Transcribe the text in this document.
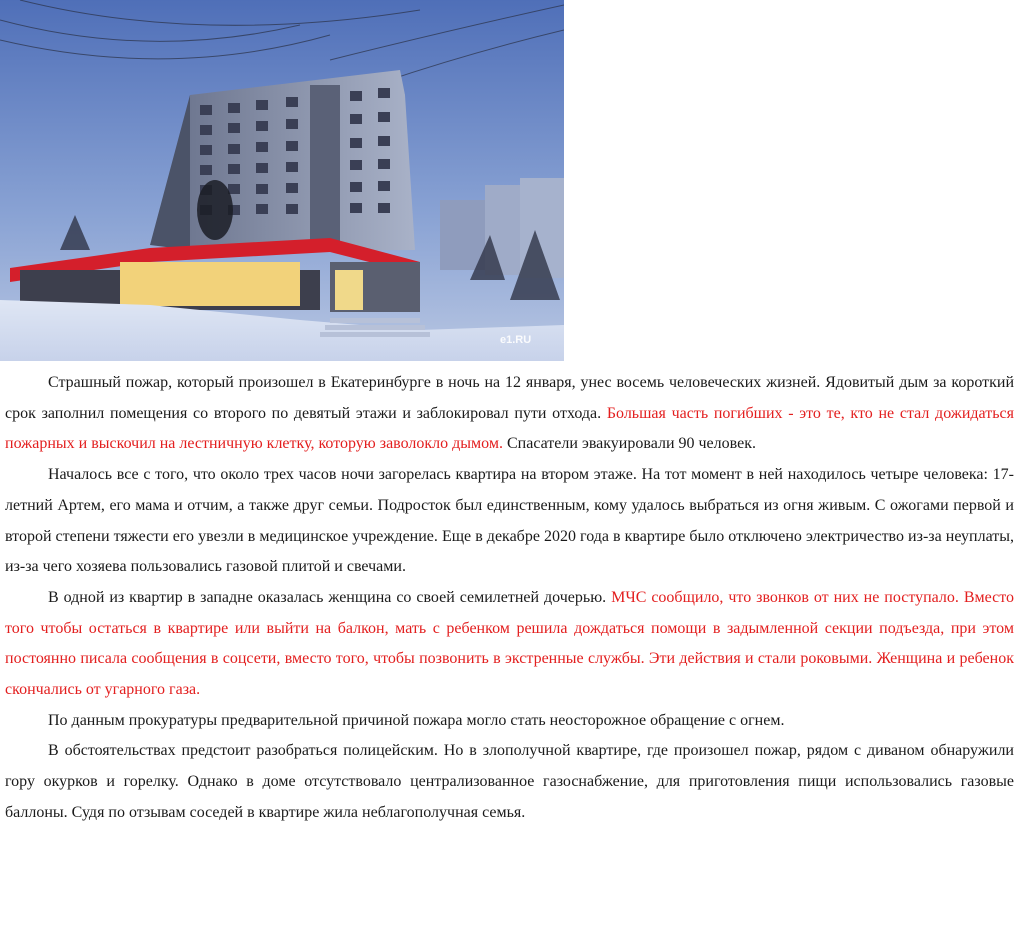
e1.RU

Страшный пожар, который произошел в Екатеринбурге в ночь на 12 января, унес восемь человеческих жизней. Ядовитый дым за короткий срок заполнил помещения со второго по девятый этажи и заблокировал пути отхода. Большая часть погибших - это те, кто не стал дожидаться пожарных и выскочил на лестничную клетку, которую заволокло дымом. Спасатели эвакуировали 90 человек.

Началось все с того, что около трех часов ночи загорелась квартира на втором этаже. На тот момент в ней находилось четыре человека: 17-летний Артем, его мама и отчим, а также друг семьи. Подросток был единственным, кому удалось выбраться из огня живым. С ожогами первой и второй степени тяжести его увезли в медицинское учреждение. Еще в декабре 2020 года в квартире было отключено электричество из-за неуплаты, из-за чего хозяева пользовались газовой плитой и свечами.

В одной из квартир в западне оказалась женщина со своей семилетней дочерью. МЧС сообщило, что звонков от них не поступало. Вместо того чтобы остаться в квартире или выйти на балкон, мать с ребенком решила дождаться помощи в задымленной секции подъезда, при этом постоянно писала сообщения в соцсети, вместо того, чтобы позвонить в экстренные службы. Эти действия и стали роковыми. Женщина и ребенок скончались от угарного газа.

По данным прокуратуры предварительной причиной пожара могло стать неосторожное обращение с огнем.

В обстоятельствах предстоит разобраться полицейским. Но в злополучной квартире, где произошел пожар, рядом с диваном обнаружили гору окурков и горелку. Однако в доме отсутствовало централизованное газоснабжение, для приготовления пищи использовались газовые баллоны. Судя по отзывам соседей в квартире жила неблагополучная семья.
